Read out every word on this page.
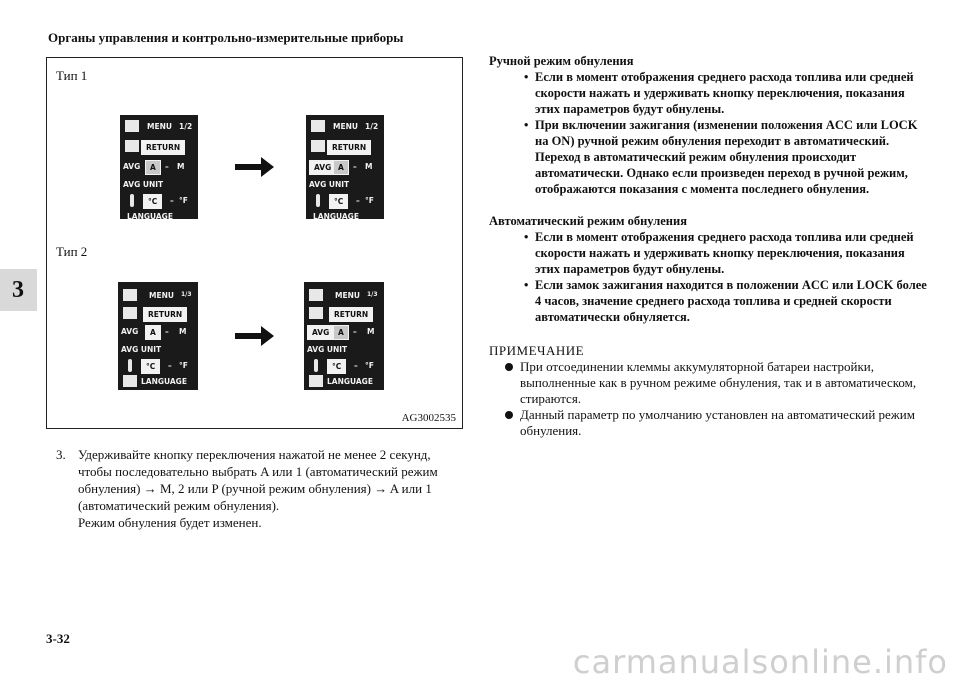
Органы управления и контрольно-измерительные приборы
3
Тип 1
Тип 2
MENU 1/2
RETURN
AVG	A	– M
AVG UNIT
°C	– °F
LANGUAGE
MENU 1/2
RETURN
AVG A	– M
AVG UNIT
°C	– °F
LANGUAGE
MENU 1/3
RETURN
AVG	A	– M
AVG UNIT
°C	– °F
LANGUAGE
MENU 1/3
RETURN
AVG	A	– M
AVG UNIT
°C	– °F
LANGUAGE
AG3002535
3. Удерживайте кнопку переключения нажатой не менее 2 секунд, чтобы последовательно выбрать A или 1 (автоматический режим обнуления) → M, 2 или P (ручной режим обнуления) → A или 1 (автоматический режим обнуления).
Режим обнуления будет изменен.
Ручной режим обнуления
• Если в момент отображения среднего расхода топлива или средней скорости нажать и удерживать кнопку переключения, показания этих параметров будут обнулены.
• При включении зажигания (изменении положения ACC или LOCK на ON) ручной режим обнуления переходит в автоматический.
Переход в автоматический режим обнуления происходит автоматически. Однако если произведен переход в ручной режим, отображаются показания с момента последнего обнуления.
Автоматический режим обнуления
• Если в момент отображения среднего расхода топлива или средней скорости нажать и удерживать кнопку переключения, показания этих параметров будут обнулены.
• Если замок зажигания находится в положении ACC или LOCK более 4 часов, значение среднего расхода топлива и средней скорости автоматически обнуляется.
ПРИМЕЧАНИЕ
При отсоединении клеммы аккумуляторной батареи настройки, выполненные как в ручном режиме обнуления, так и в автоматическом, стираются.
Данный параметр по умолчанию установлен на автоматический режим обнуления.
3-32
carmanualsonline.info
